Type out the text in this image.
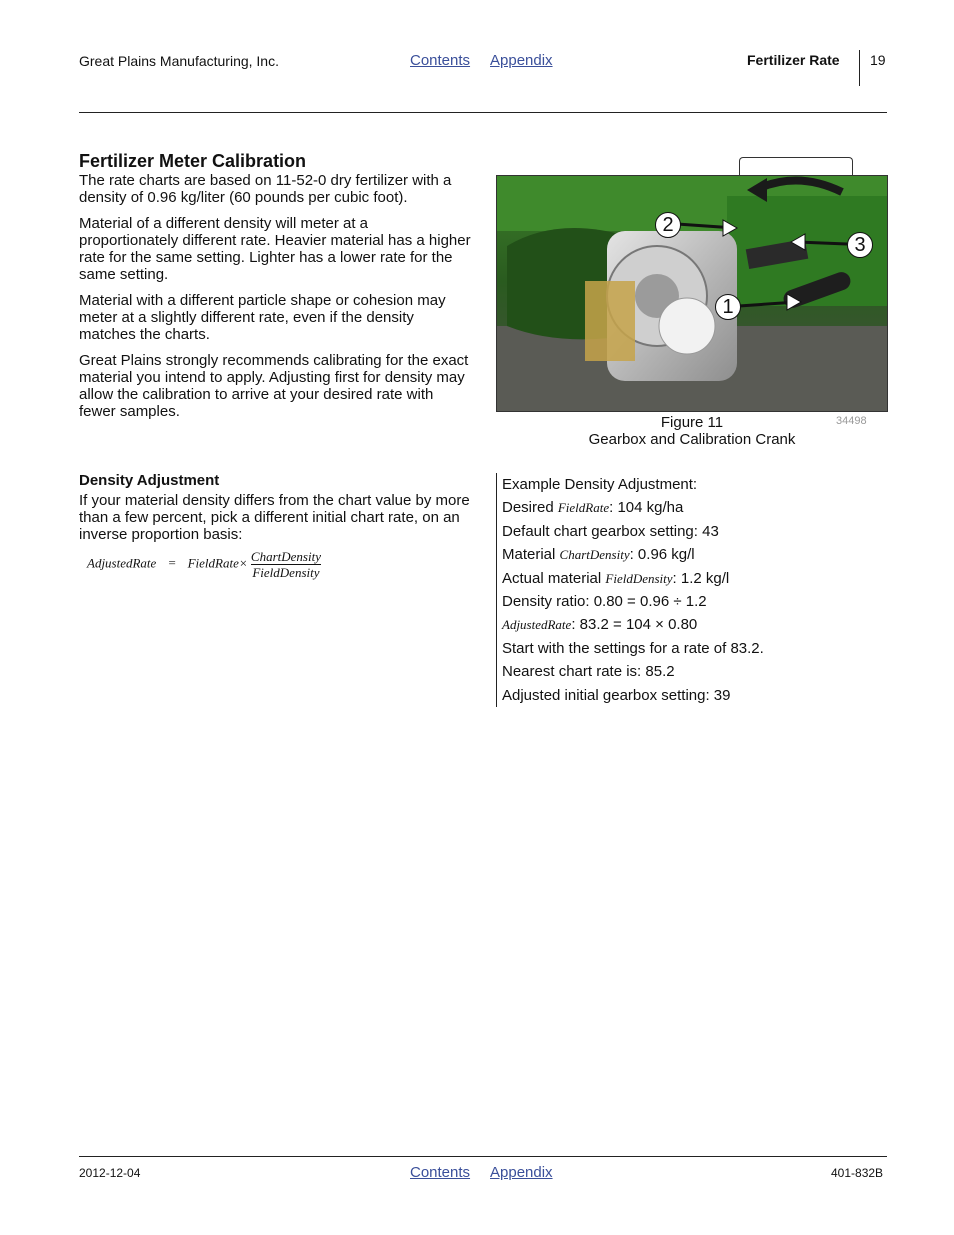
Great Plains Manufacturing, Inc.	Contents Appendix	Fertilizer Rate 19
Fertilizer Meter Calibration

The rate charts are based on 11-52-0 dry fertilizer with a density of 0.96 kg/liter (60 pounds per cubic foot).

Material of a different density will meter at a proportionately different rate. Heavier material has a higher rate for the same setting. Lighter has a lower rate for the same setting.

Material with a different particle shape or cohesion may meter at a slightly different rate, even if the density matches the charts.

Great Plains strongly recommends calibrating for the exact material you intend to apply. Adjusting first for density may allow the calibration to arrive at your desired rate with fewer samples.

Density Adjustment

If your material density differs from the chart value by more than a few percent, pick a different initial chart rate, on an inverse proportion basis:

AdjustedRate = FieldRate× $\frac{\text{ChartDensity}}{\text{FieldDensity}}$
2
3
1
Figure 11
Gearbox and Calibration Crank
34498
Example Density Adjustment:
Desired FieldRate: 104 kg/ha
Default chart gearbox setting: 43
Material ChartDensity: 0.96 kg/l
Actual material FieldDensity: 1.2 kg/l
Density ratio: 0.80 = 0.96 ÷ 1.2
AdjustedRate: 83.2 = 104 × 0.80
Start with the settings for a rate of 83.2.
Nearest chart rate is: 85.2
Adjusted initial gearbox setting: 39
2012-12-04	Contents Appendix	401-832B
